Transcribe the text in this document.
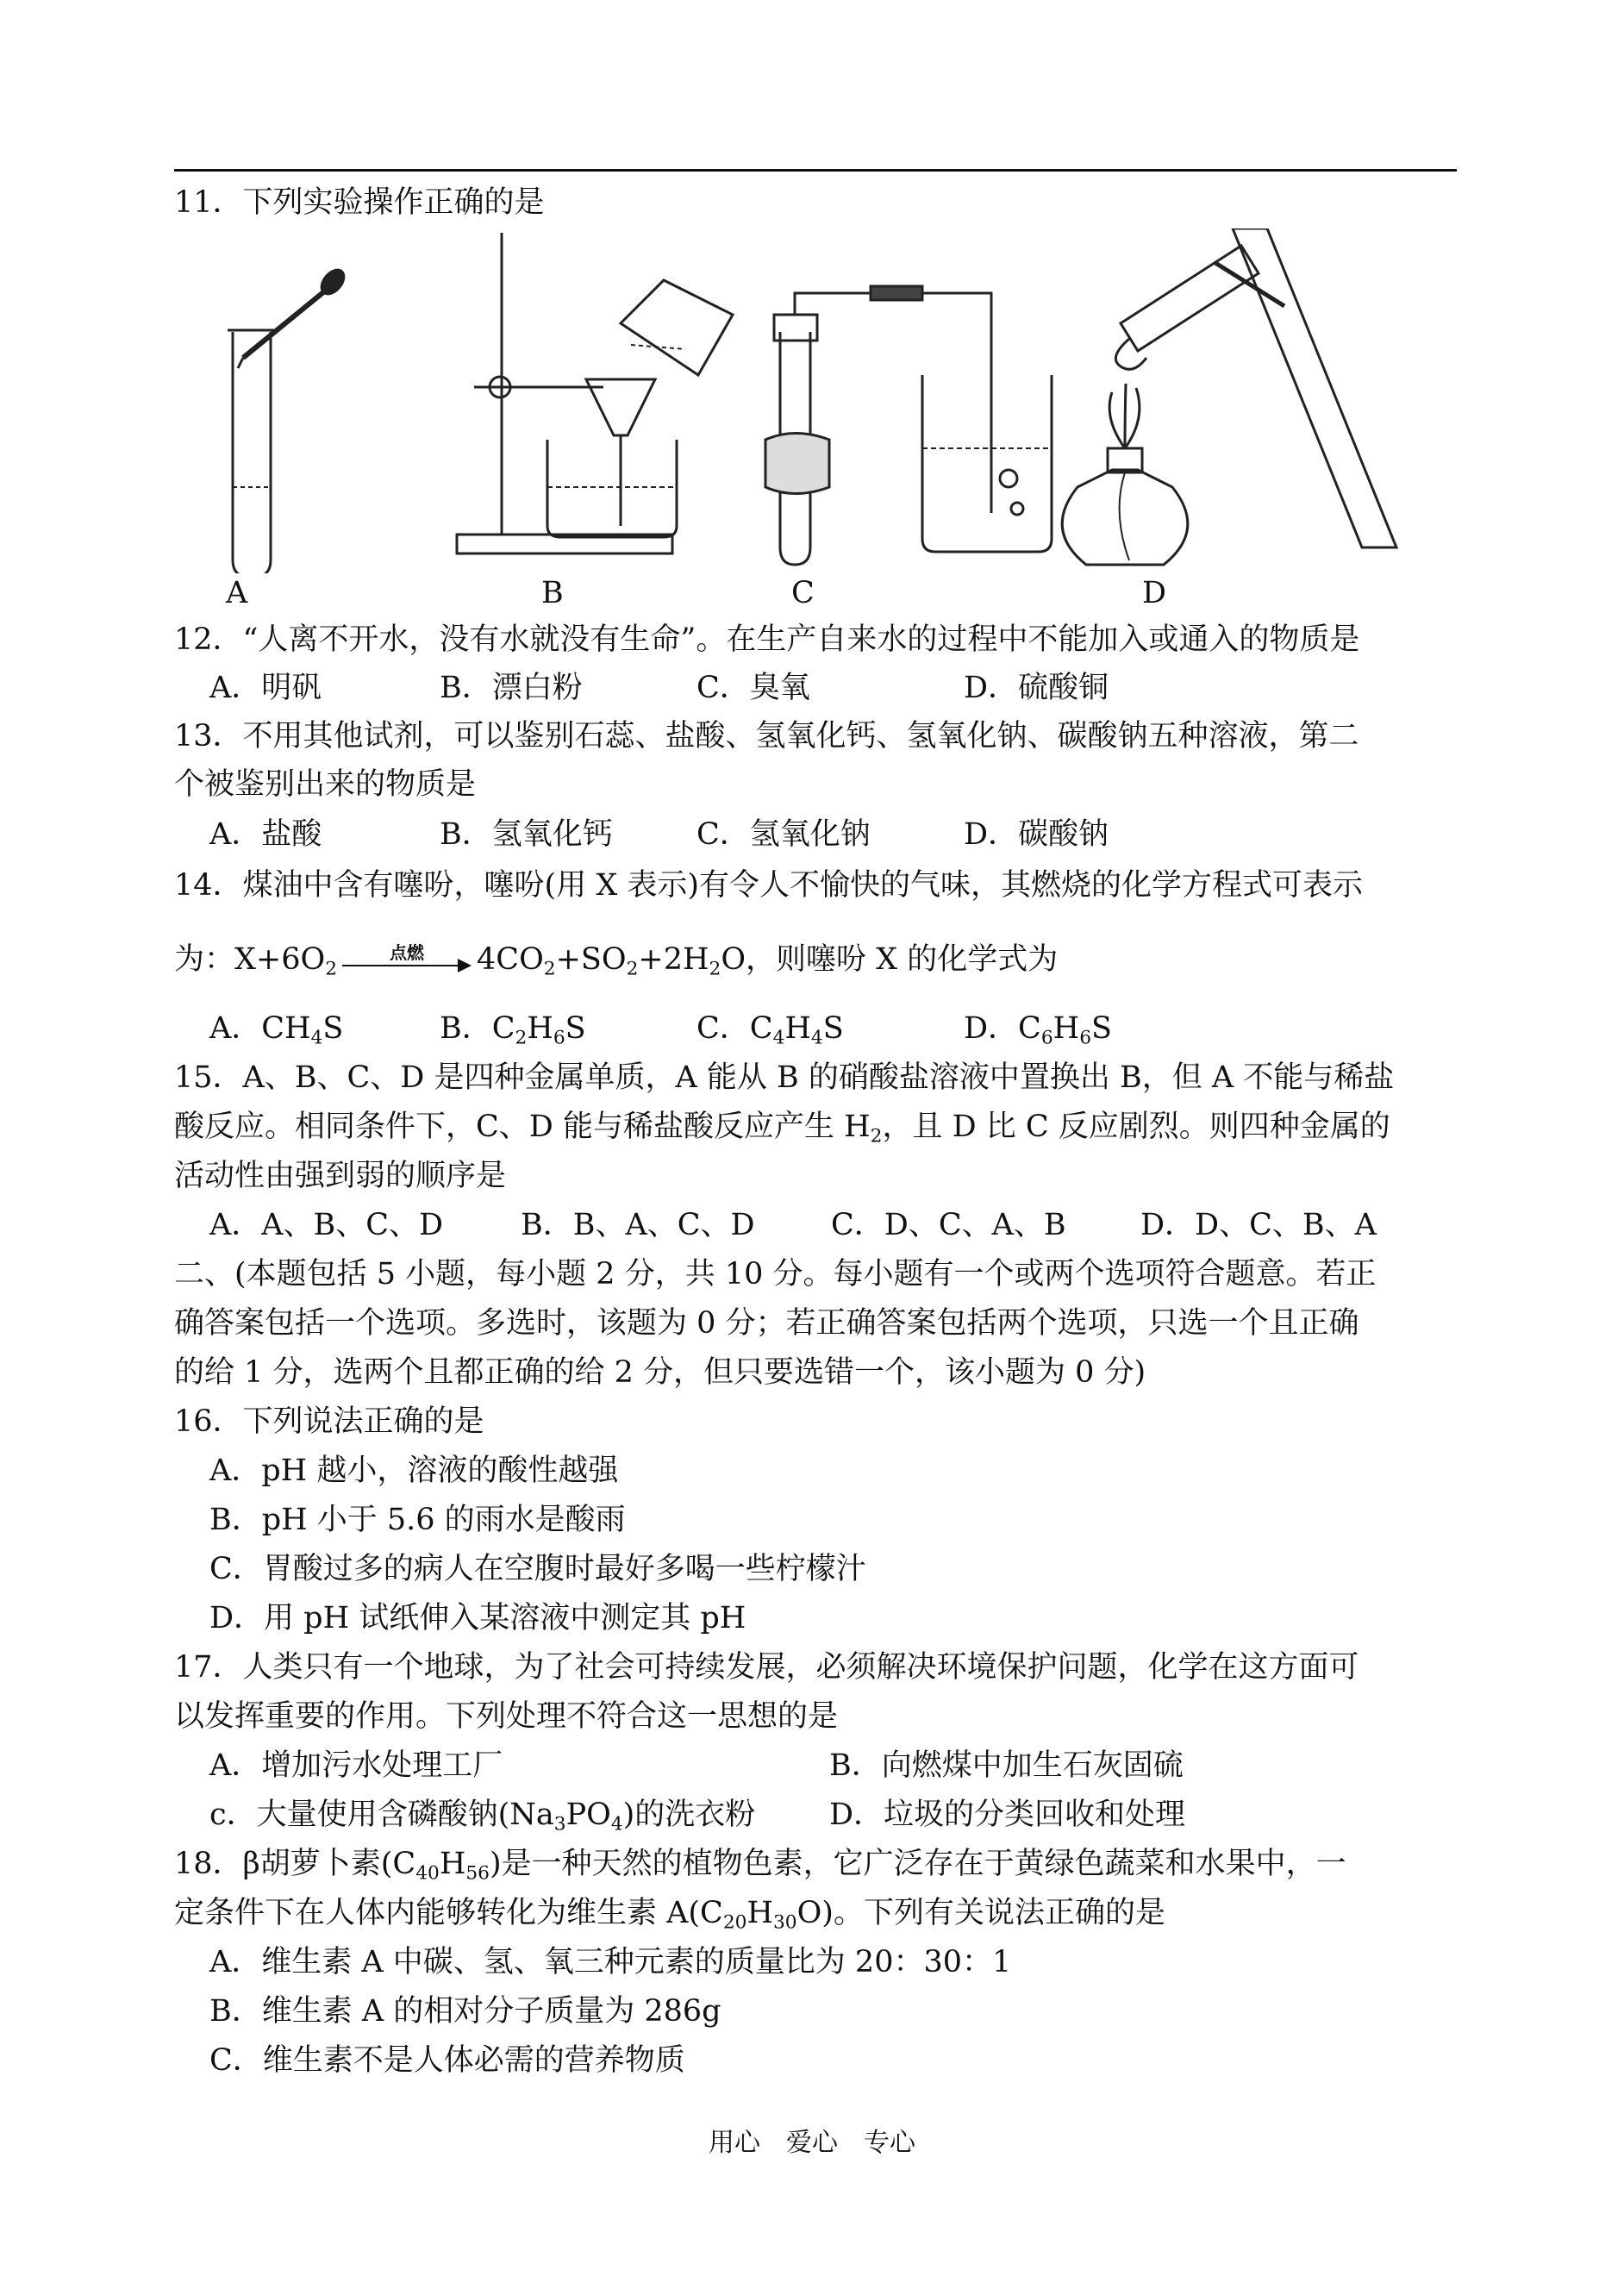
11．下列实验操作正确的是
A	B	C	D
12．“人离不开水，没有水就没有生命”。在生产自来水的过程中不能加入或通入的物质是
A．明矾	B．漂白粉	C．臭氧	D．硫酸铜
13．不用其他试剂，可以鉴别石蕊、盐酸、氢氧化钙、氢氧化钠、碳酸钠五种溶液，第二
个被鉴别出来的物质是
A．盐酸	B．氢氧化钙	C．氢氧化钠	D．碳酸钠
14．煤油中含有噻吩，噻吩(用 X 表示)有令人不愉快的气味，其燃烧的化学方程式可表示
为：$X+6O_2$
点燃	$4CO_2+SO_2+2H_2O$，则噻吩 X 的化学式为
A．$CH_4S$	B．$C_2H_6S$	C．$C_4H_4S$	D．$C_6H_6S$
15．A、B、C、D 是四种金属单质，A 能从 B 的硝酸盐溶液中置换出 B，但 A 不能与稀盐
酸反应。相同条件下，C、D 能与稀盐酸反应产生 $H_2$，且 D 比 C 反应剧烈。则四种金属的
活动性由强到弱的顺序是
A．A、B、C、D	B．B、A、C、D	C．D、C、A、B D．D、C、B、A
二、(本题包括 5 小题，每小题 2 分，共 10 分。每小题有一个或两个选项符合题意。若正
确答案包括一个选项。多选时，该题为 0 分；若正确答案包括两个选项，只选一个且正确
的给 1 分，选两个且都正确的给 2 分，但只要选错一个，该小题为 0 分)
16．下列说法正确的是
A．pH 越小，溶液的酸性越强
B．pH 小于 5.6 的雨水是酸雨
C．胃酸过多的病人在空腹时最好多喝一些柠檬汁
D．用 pH 试纸伸入某溶液中测定其 pH
17．人类只有一个地球，为了社会可持续发展，必须解决环境保护问题，化学在这方面可
以发挥重要的作用。下列处理不符合这一思想的是
A．增加污水处理工厂	B．向燃煤中加生石灰固硫
c．大量使用含磷酸钠$(Na_3PO_4)$的洗衣粉 D．垃圾的分类回收和处理
18．β胡萝卜素$(C_{40}H_{56})$是一种天然的植物色素，它广泛存在于黄绿色蔬菜和水果中，一
定条件下在人体内能够转化为维生素 $A(C_{20}H_{30}O)$。下列有关说法正确的是
A．维生素 A 中碳、氢、氧三种元素的质量比为 20：30：1
B．维生素 A 的相对分子质量为 286g
C．维生素不是人体必需的营养物质
用心　爱心　专心
